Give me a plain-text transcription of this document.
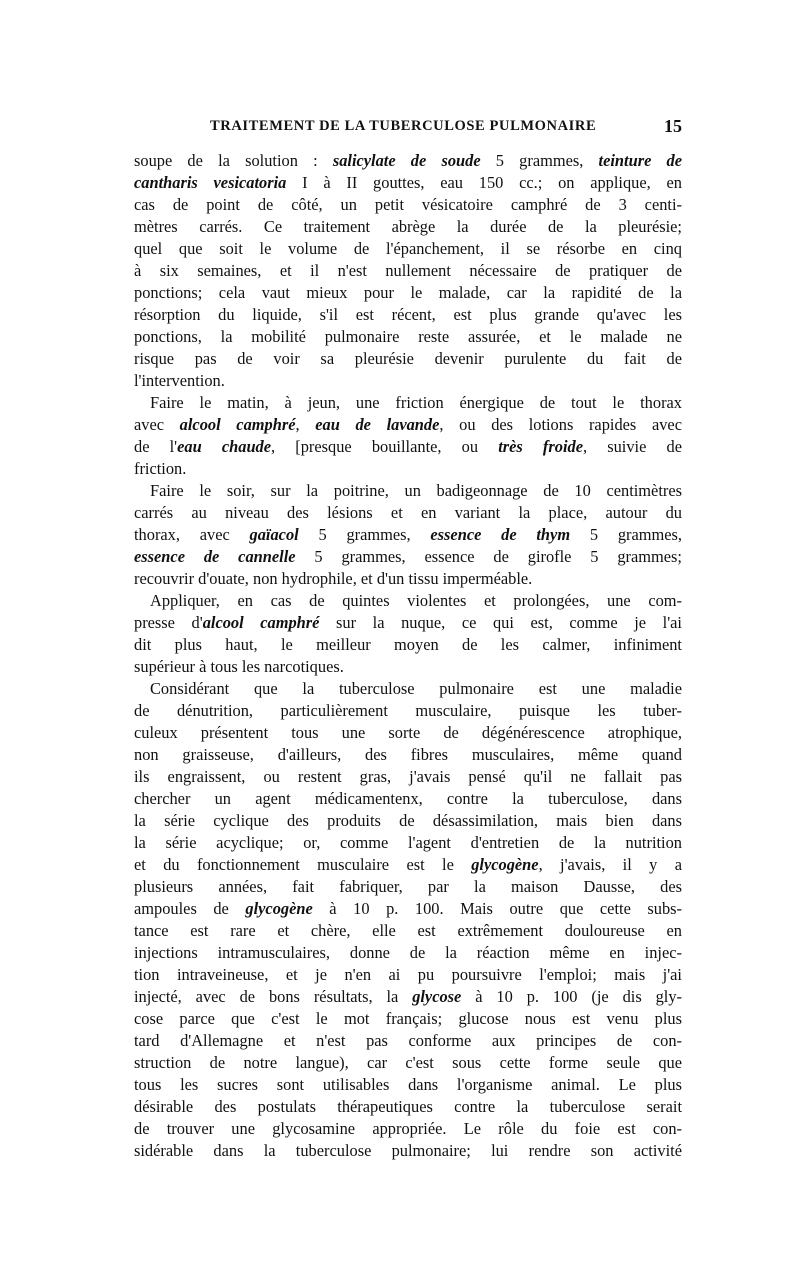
TRAITEMENT DE LA TUBERCULOSE PULMONAIRE	15

soupe de la solution : salicylate de soude 5 grammes, teinture de
cantharis vesicatoria I à II gouttes, eau 150 cc.; on applique, en
cas de point de côté, un petit vésicatoire camphré de 3 centi-
mètres carrés. Ce traitement abrège la durée de la pleurésie;
quel que soit le volume de l'épanchement, il se résorbe en cinq
à six semaines, et il n'est nullement nécessaire de pratiquer de
ponctions; cela vaut mieux pour le malade, car la rapidité de la
résorption du liquide, s'il est récent, est plus grande qu'avec les
ponctions, la mobilité pulmonaire reste assurée, et le malade ne
risque pas de voir sa pleurésie devenir purulente du fait de
l'intervention.

Faire le matin, à jeun, une friction énergique de tout le thorax
avec alcool camphré, eau de lavande, ou des lotions rapides avec
de l'eau chaude, [presque bouillante, ou très froide, suivie de
friction.

Faire le soir, sur la poitrine, un badigeonnage de 10 centimètres
carrés au niveau des lésions et en variant la place, autour du
thorax, avec gaïacol 5 grammes, essence de thym 5 grammes,
essence de cannelle 5 grammes, essence de girofle 5 grammes;
recouvrir d'ouate, non hydrophile, et d'un tissu imperméable.

Appliquer, en cas de quintes violentes et prolongées, une com-
presse d'alcool camphré sur la nuque, ce qui est, comme je l'ai
dit plus haut, le meilleur moyen de les calmer, infiniment
supérieur à tous les narcotiques.

Considérant que la tuberculose pulmonaire est une maladie
de dénutrition, particulièrement musculaire, puisque les tuber-
culeux présentent tous une sorte de dégénérescence atrophique,
non graisseuse, d'ailleurs, des fibres musculaires, même quand
ils engraissent, ou restent gras, j'avais pensé qu'il ne fallait pas
chercher un agent médicamentenx, contre la tuberculose, dans
la série cyclique des produits de désassimilation, mais bien dans
la série acyclique; or, comme l'agent d'entretien de la nutrition
et du fonctionnement musculaire est le glycogène, j'avais, il y a
plusieurs années, fait fabriquer, par la maison Dausse, des
ampoules de glycogène à 10 p. 100. Mais outre que cette subs-
tance est rare et chère, elle est extrêmement douloureuse en
injections intramusculaires, donne de la réaction même en injec-
tion intraveineuse, et je n'en ai pu poursuivre l'emploi; mais j'ai
injecté, avec de bons résultats, la glycose à 10 p. 100 (je dis gly-
cose parce que c'est le mot français; glucose nous est venu plus
tard d'Allemagne et n'est pas conforme aux principes de con-
struction de notre langue), car c'est sous cette forme seule que
tous les sucres sont utilisables dans l'organisme animal. Le plus
désirable des postulats thérapeutiques contre la tuberculose serait
de trouver une glycosamine appropriée. Le rôle du foie est con-
sidérable dans la tuberculose pulmonaire; lui rendre son activité
